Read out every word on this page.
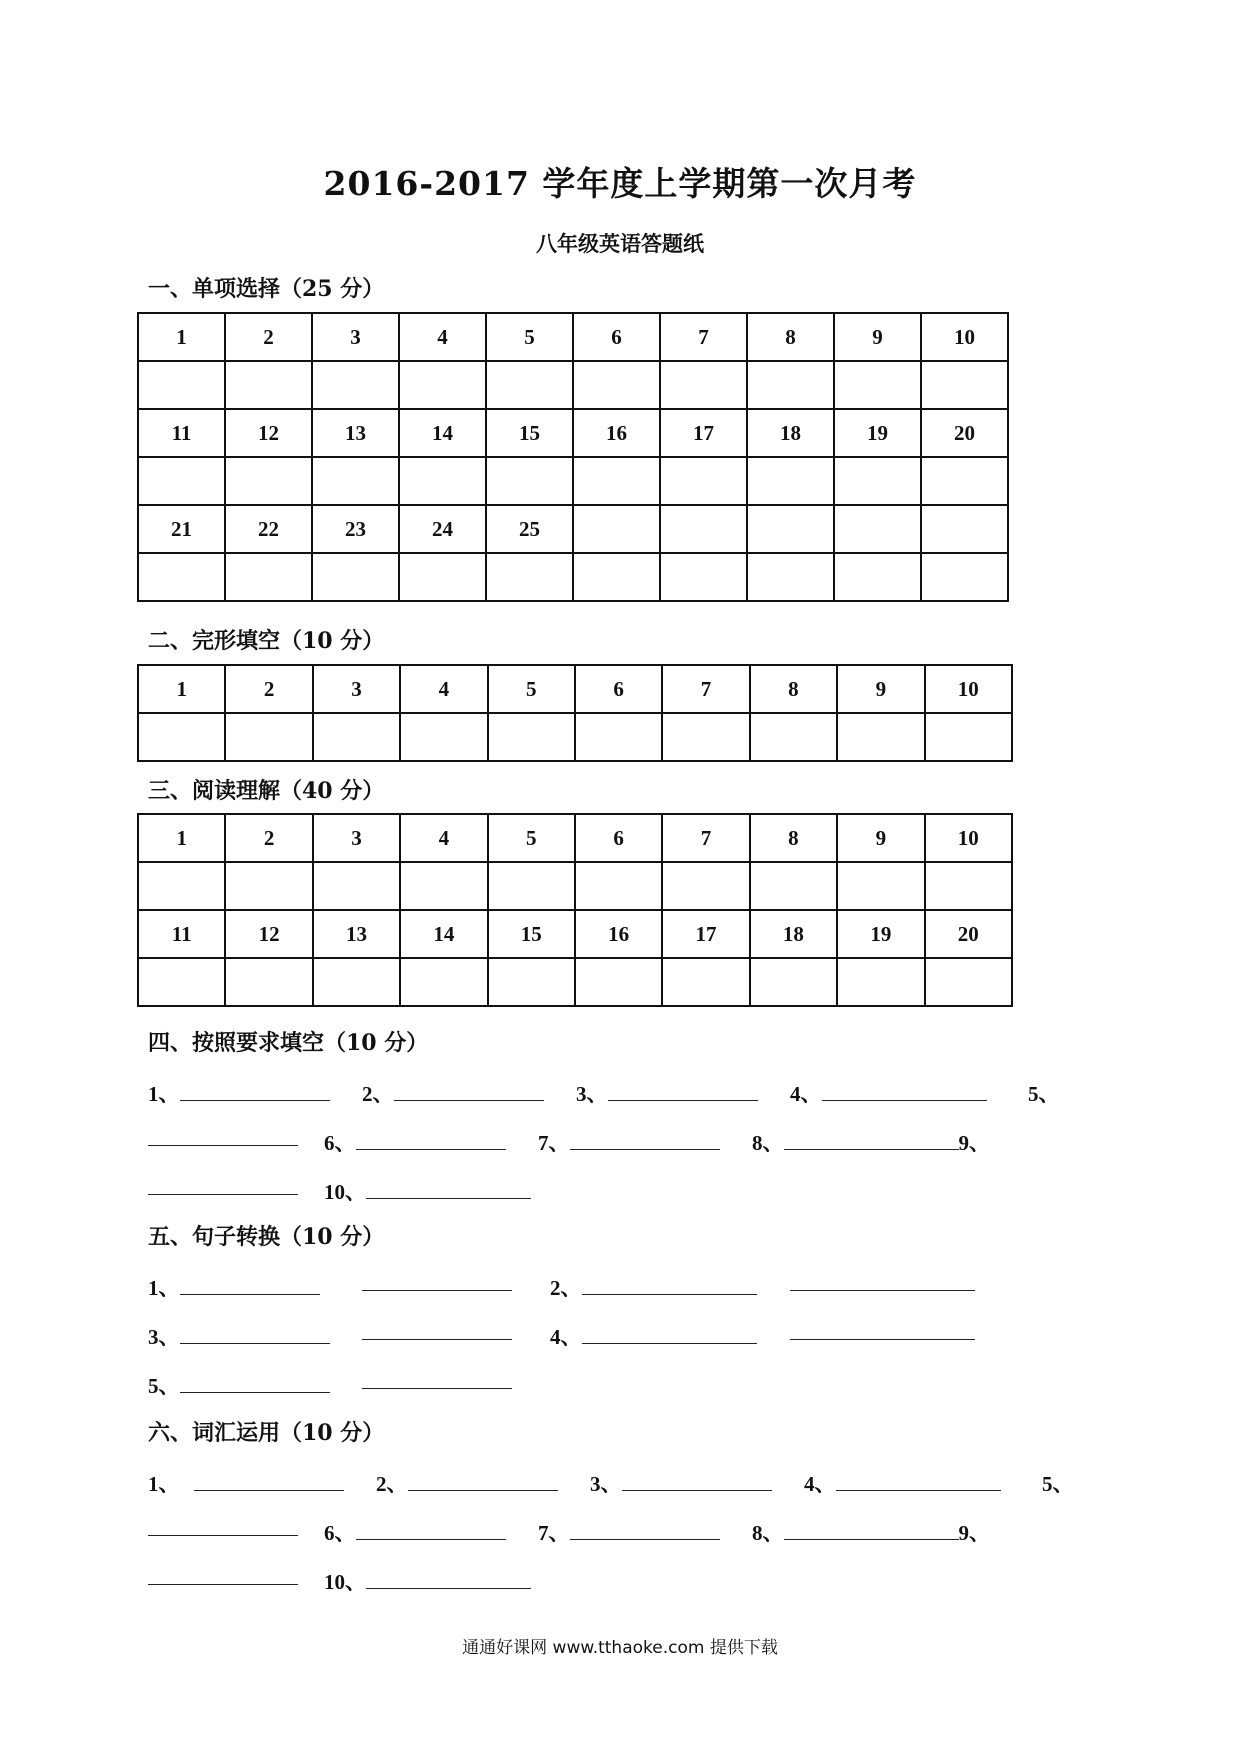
2016-2017 学年度上学期第一次月考
八年级英语答题纸
一、单项选择（25 分）
1	2	3	4	5	6	7	8	9	10

11	12	13	14	15	16	17	18	19	20

21	22	23	24	25					

二、完形填空（10 分）
1	2	3	4	5	6	7	8	9	10

三、阅读理解（40 分）
1	2	3	4	5	6	7	8	9	10

11	12	13	14	15	16	17	18	19	20

四、按照要求填空（10 分）
1、	2、	3、	4、	5、
6、	7、	8、	9、
10、
五、句子转换（10 分）
1、	2、
3、	4、
5、
六、词汇运用（10 分）
1、	2、	3、	4、	5、
6、	7、	8、	9、
10、
通通好课网 www.tthaoke.com 提供下载
